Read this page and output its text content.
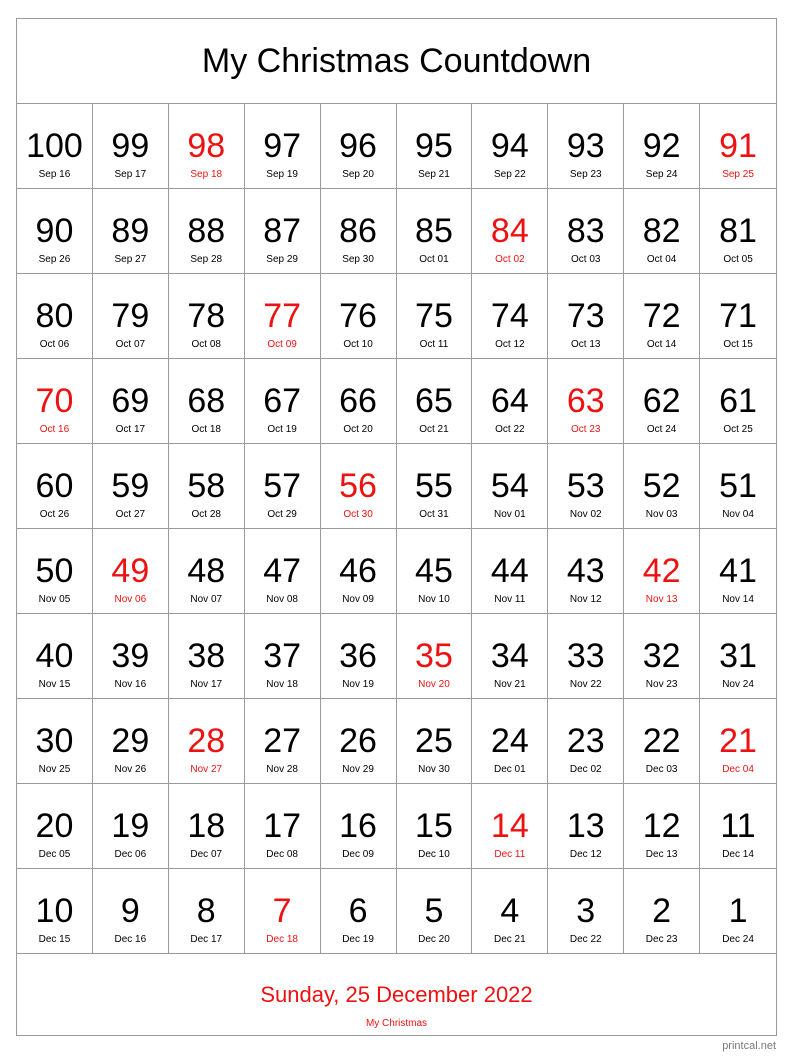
My Christmas Countdown
100
Sep 16
99
Sep 17
98
Sep 18
97
Sep 19
96
Sep 20
95
Sep 21
94
Sep 22
93
Sep 23
92
Sep 24
91
Sep 25
90
Sep 26
89
Sep 27
88
Sep 28
87
Sep 29
86
Sep 30
85
Oct 01
84
Oct 02
83
Oct 03
82
Oct 04
81
Oct 05
80
Oct 06
79
Oct 07
78
Oct 08
77
Oct 09
76
Oct 10
75
Oct 11
74
Oct 12
73
Oct 13
72
Oct 14
71
Oct 15
70
Oct 16
69
Oct 17
68
Oct 18
67
Oct 19
66
Oct 20
65
Oct 21
64
Oct 22
63
Oct 23
62
Oct 24
61
Oct 25
60
Oct 26
59
Oct 27
58
Oct 28
57
Oct 29
56
Oct 30
55
Oct 31
54
Nov 01
53
Nov 02
52
Nov 03
51
Nov 04
50
Nov 05
49
Nov 06
48
Nov 07
47
Nov 08
46
Nov 09
45
Nov 10
44
Nov 11
43
Nov 12
42
Nov 13
41
Nov 14
40
Nov 15
39
Nov 16
38
Nov 17
37
Nov 18
36
Nov 19
35
Nov 20
34
Nov 21
33
Nov 22
32
Nov 23
31
Nov 24
30
Nov 25
29
Nov 26
28
Nov 27
27
Nov 28
26
Nov 29
25
Nov 30
24
Dec 01
23
Dec 02
22
Dec 03
21
Dec 04
20
Dec 05
19
Dec 06
18
Dec 07
17
Dec 08
16
Dec 09
15
Dec 10
14
Dec 11
13
Dec 12
12
Dec 13
11
Dec 14
10
Dec 15
9
Dec 16
8
Dec 17
7
Dec 18
6
Dec 19
5
Dec 20
4
Dec 21
3
Dec 22
2
Dec 23
1
Dec 24
Sunday, 25 December 2022
My Christmas
printcal.net
